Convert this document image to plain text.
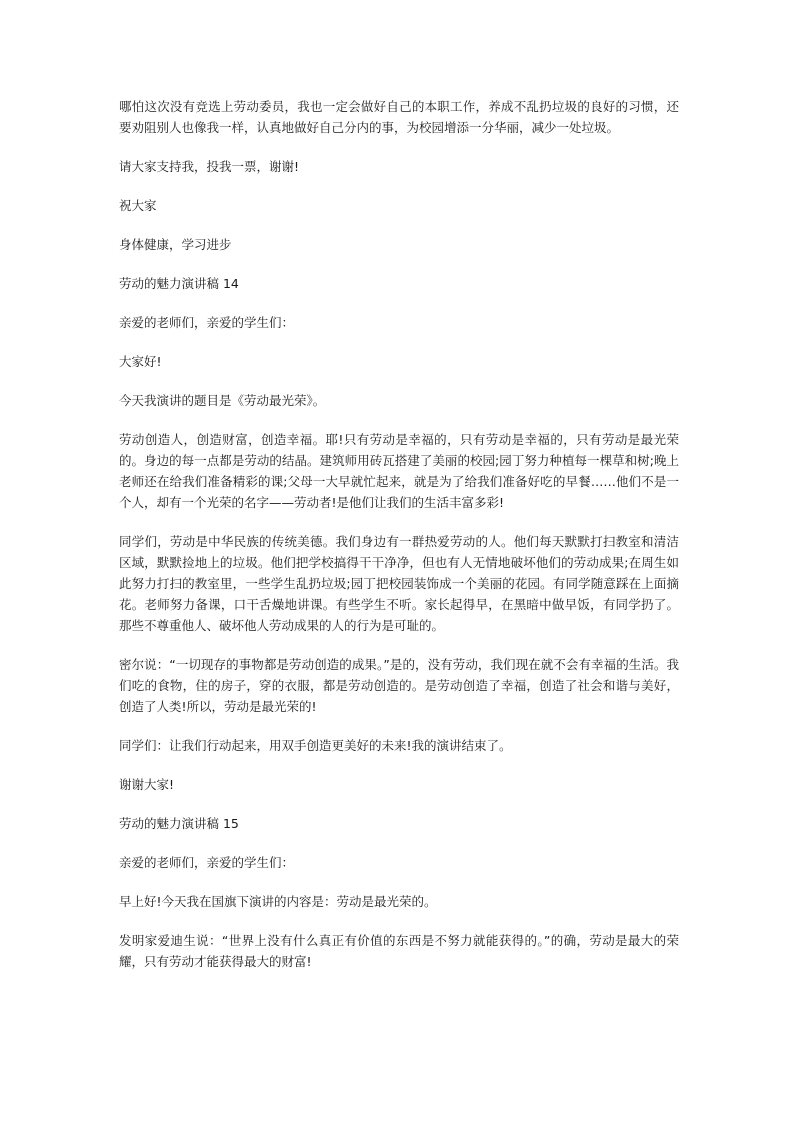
哪怕这次没有竞选上劳动委员，我也一定会做好自己的本职工作，养成不乱扔垃圾的良好的习惯，还要劝阻别人也像我一样，认真地做好自己分内的事，为校园增添一分华丽，减少一处垃圾。

请大家支持我，投我一票，谢谢!

祝大家

身体健康，学习进步

劳动的魅力演讲稿 14

亲爱的老师们，亲爱的学生们：

大家好!

今天我演讲的题目是《劳动最光荣》。

劳动创造人，创造财富，创造幸福。耶!只有劳动是幸福的，只有劳动是幸福的，只有劳动是最光荣的。身边的每一点都是劳动的结晶。建筑师用砖瓦搭建了美丽的校园;园丁努力种植每一棵草和树;晚上老师还在给我们准备精彩的课;父母一大早就忙起来，就是为了给我们准备好吃的早餐……他们不是一个人，却有一个光荣的名字——劳动者!是他们让我们的生活丰富多彩!

同学们，劳动是中华民族的传统美德。我们身边有一群热爱劳动的人。他们每天默默打扫教室和清洁区域，默默捡地上的垃圾。他们把学校搞得干干净净，但也有人无情地破坏他们的劳动成果;在周生如此努力打扫的教室里，一些学生乱扔垃圾;园丁把校园装饰成一个美丽的花园。有同学随意踩在上面摘花。老师努力备课，口干舌燥地讲课。有些学生不听。家长起得早，在黑暗中做早饭，有同学扔了。那些不尊重他人、破坏他人劳动成果的人的行为是可耻的。

密尔说：“一切现存的事物都是劳动创造的成果。”是的，没有劳动，我们现在就不会有幸福的生活。我们吃的食物，住的房子，穿的衣服，都是劳动创造的。是劳动创造了幸福，创造了社会和谐与美好，创造了人类!所以，劳动是最光荣的!

同学们：让我们行动起来，用双手创造更美好的未来!我的演讲结束了。

谢谢大家!

劳动的魅力演讲稿 15

亲爱的老师们，亲爱的学生们：

早上好!今天我在国旗下演讲的内容是：劳动是最光荣的。

发明家爱迪生说：“世界上没有什么真正有价值的东西是不努力就能获得的。”的确，劳动是最大的荣耀，只有劳动才能获得最大的财富!
